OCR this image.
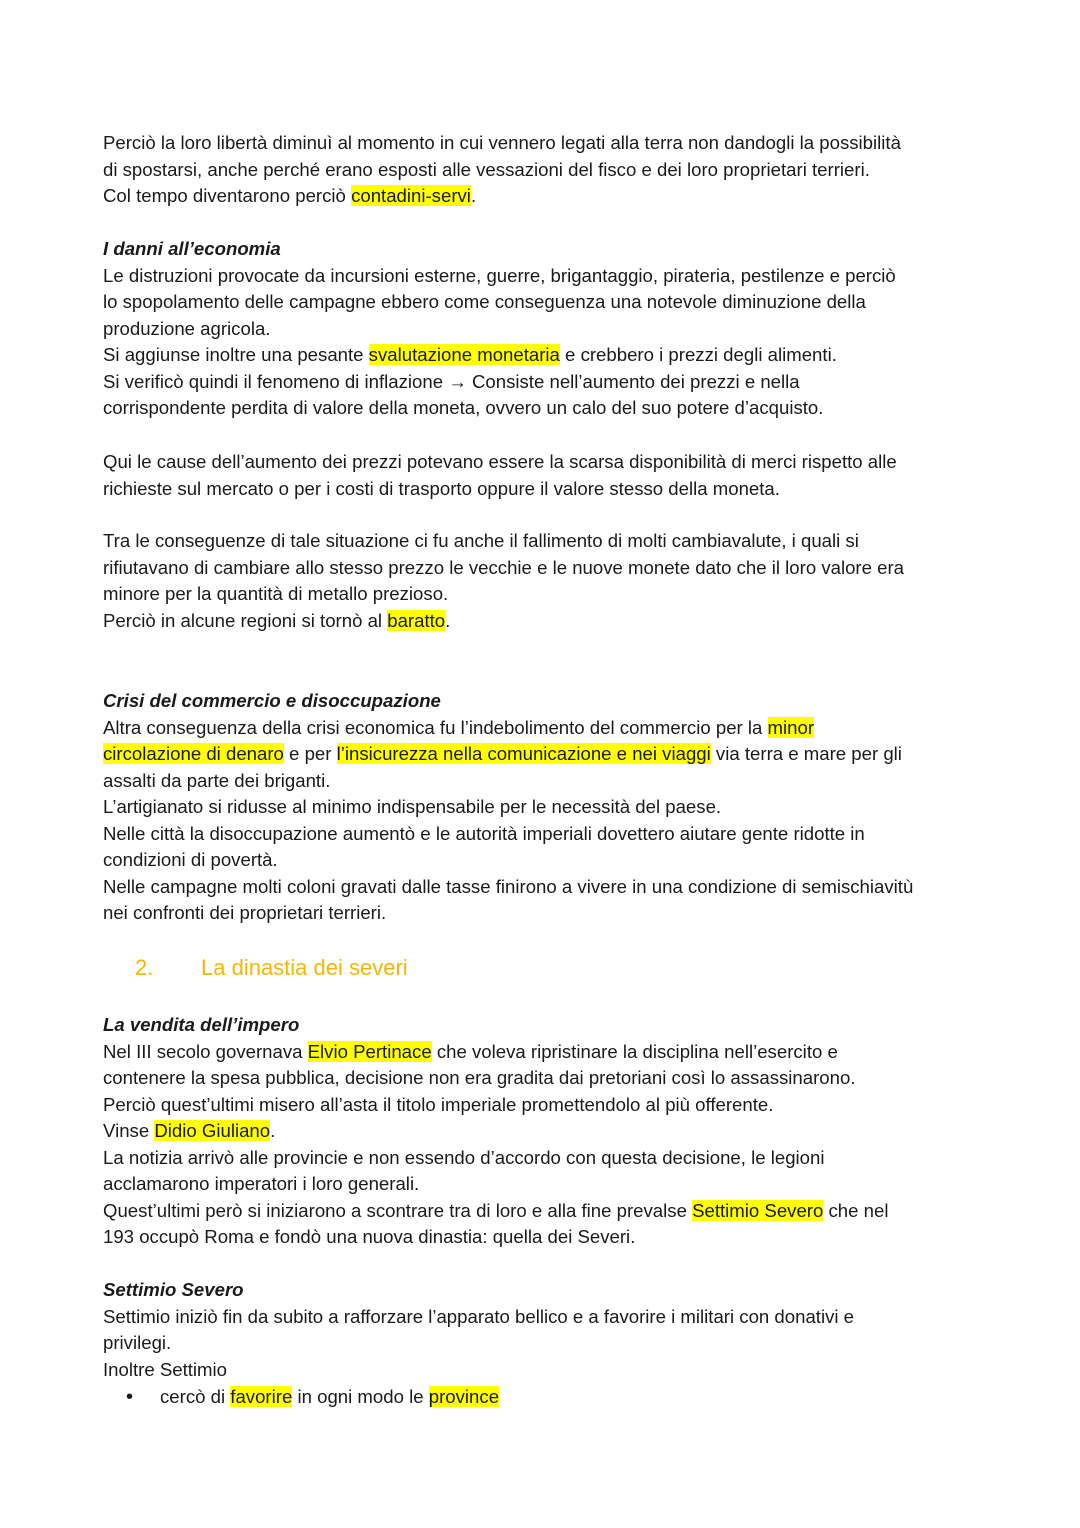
Perciò la loro libertà diminuì al momento in cui vennero legati alla terra non dandogli la possibilità

di spostarsi, anche perché erano esposti alle vessazioni del fisco e dei loro proprietari terrieri.

Col tempo diventarono perciò contadini-servi.

I danni all’economia

Le distruzioni provocate da incursioni esterne, guerre, brigantaggio, pirateria, pestilenze e perciò

lo spopolamento delle campagne ebbero come conseguenza una notevole diminuzione della

produzione agricola.

Si aggiunse inoltre una pesante svalutazione monetaria e crebbero i prezzi degli alimenti.

Si verificò quindi il fenomeno di inflazione → Consiste nell’aumento dei prezzi e nella

corrispondente perdita di valore della moneta, ovvero un calo del suo potere d’acquisto.

Qui le cause dell’aumento dei prezzi potevano essere la scarsa disponibilità di merci rispetto alle

richieste sul mercato o per i costi di trasporto oppure il valore stesso della moneta.

Tra le conseguenze di tale situazione ci fu anche il fallimento di molti cambiavalute, i quali si

rifiutavano di cambiare allo stesso prezzo le vecchie e le nuove monete dato che il loro valore era

minore per la quantità di metallo prezioso.

Perciò in alcune regioni si tornò al baratto.

Crisi del commercio e disoccupazione

Altra conseguenza della crisi economica fu l’indebolimento del commercio per la minor

circolazione di denaro e per l’insicurezza nella comunicazione e nei viaggi via terra e mare per gli

assalti da parte dei briganti.

L’artigianato si ridusse al minimo indispensabile per le necessità del paese.

Nelle città la disoccupazione aumentò e le autorità imperiali dovettero aiutare gente ridotte in

condizioni di povertà.

Nelle campagne molti coloni gravati dalle tasse finirono a vivere in una condizione di semischiavitù

nei confronti dei proprietari terrieri.

2. La dinastia dei severi

La vendita dell’impero

Nel III secolo governava Elvio Pertinace che voleva ripristinare la disciplina nell’esercito e

contenere la spesa pubblica, decisione non era gradita dai pretoriani così lo assassinarono.

Perciò quest’ultimi misero all’asta il titolo imperiale promettendolo al più offerente.

Vinse Didio Giuliano.

La notizia arrivò alle provincie e non essendo d’accordo con questa decisione, le legioni

acclamarono imperatori i loro generali.

Quest’ultimi però si iniziarono a scontrare tra di loro e alla fine prevalse Settimio Severo che nel

193 occupò Roma e fondò una nuova dinastia: quella dei Severi.

Settimio Severo

Settimio iniziò fin da subito a rafforzare l’apparato bellico e a favorire i militari con donativi e

privilegi.

Inoltre Settimio

• cercò di favorire in ogni modo le province
